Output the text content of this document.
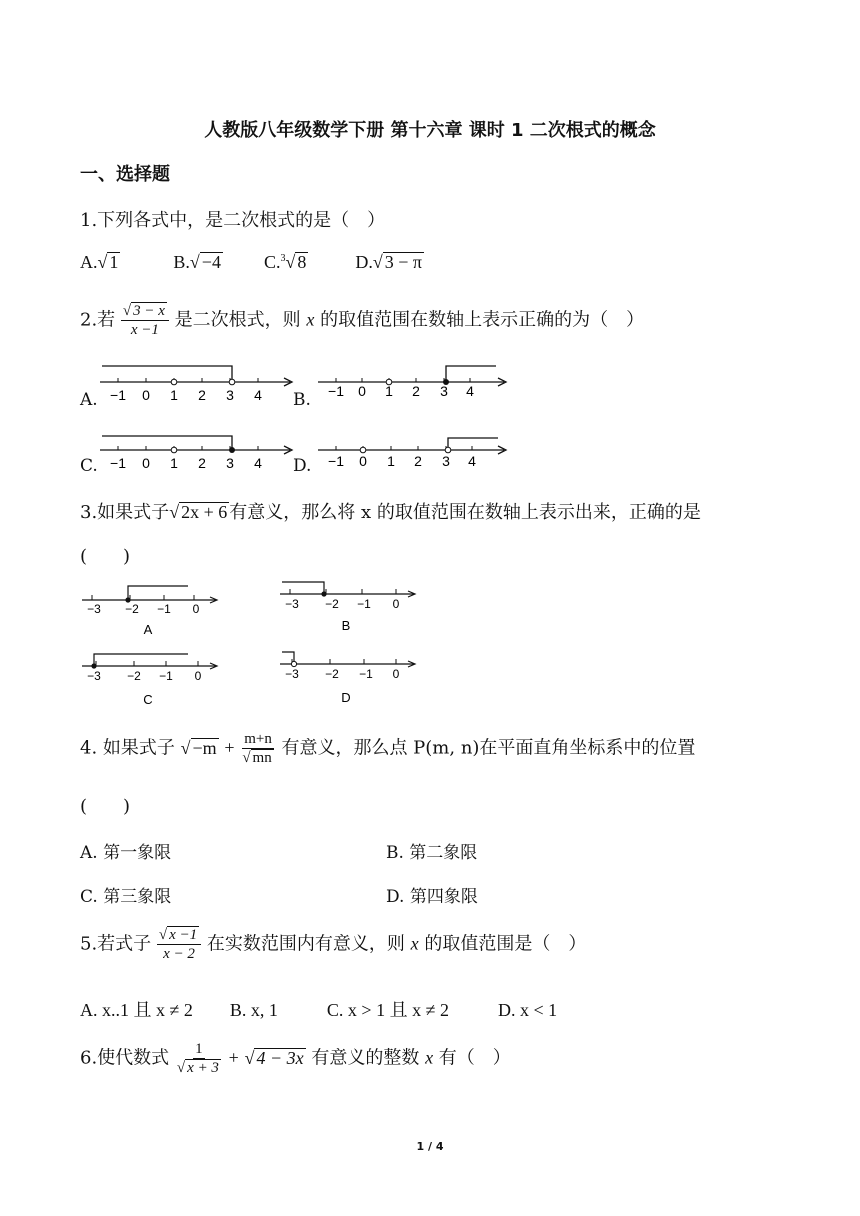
人教版八年级数学下册 第十六章 课时 1 二次根式的概念
一、选择题
1.下列各式中，是二次根式的是（　）
A.√ 1	B.√ −4 C.$^3$√ 8	D.√ 3 − π
2.若 $\frac{√ 3 - x}{x -1}$ 是二次根式，则 x 的取值范围在数轴上表示正确的为（　）
A.	B.
C.	D.
−1 0 1 2 3 4	−1 0 1 2 3 4
−1 0 1 2 3 4	−1 0 1 2 3 4
3.如果式子√ 2x + 6 有意义，那么将 x 的取值范围在数轴上表示出来，正确的是
(　　)
−3 −2 −1 0
A
−3 −2 −1 0
B
−3 −2 −1 0
C
−3 −2 −1 0
D
4. 如果式子 √ $-m + \frac{m+n}{√ mn}$ 有意义，那么点 P(m, n)在平面直角坐标系中的位置
(　　)
A. 第一象限	B. 第二象限
C. 第三象限	D. 第四象限
5.若式子 $\frac{√ x -1}{x - 2}$ 在实数范围内有意义，则 x 的取值范围是（　）
A. x..1 且 x ≠ 2 B. x, 1	C. x > 1 且 x ≠ 2	D. x < 1
6.使代数式 $\frac{1}{√ x + 3}$ + √ 4 − 3x 有意义的整数 x 有（　）
1 / 4
